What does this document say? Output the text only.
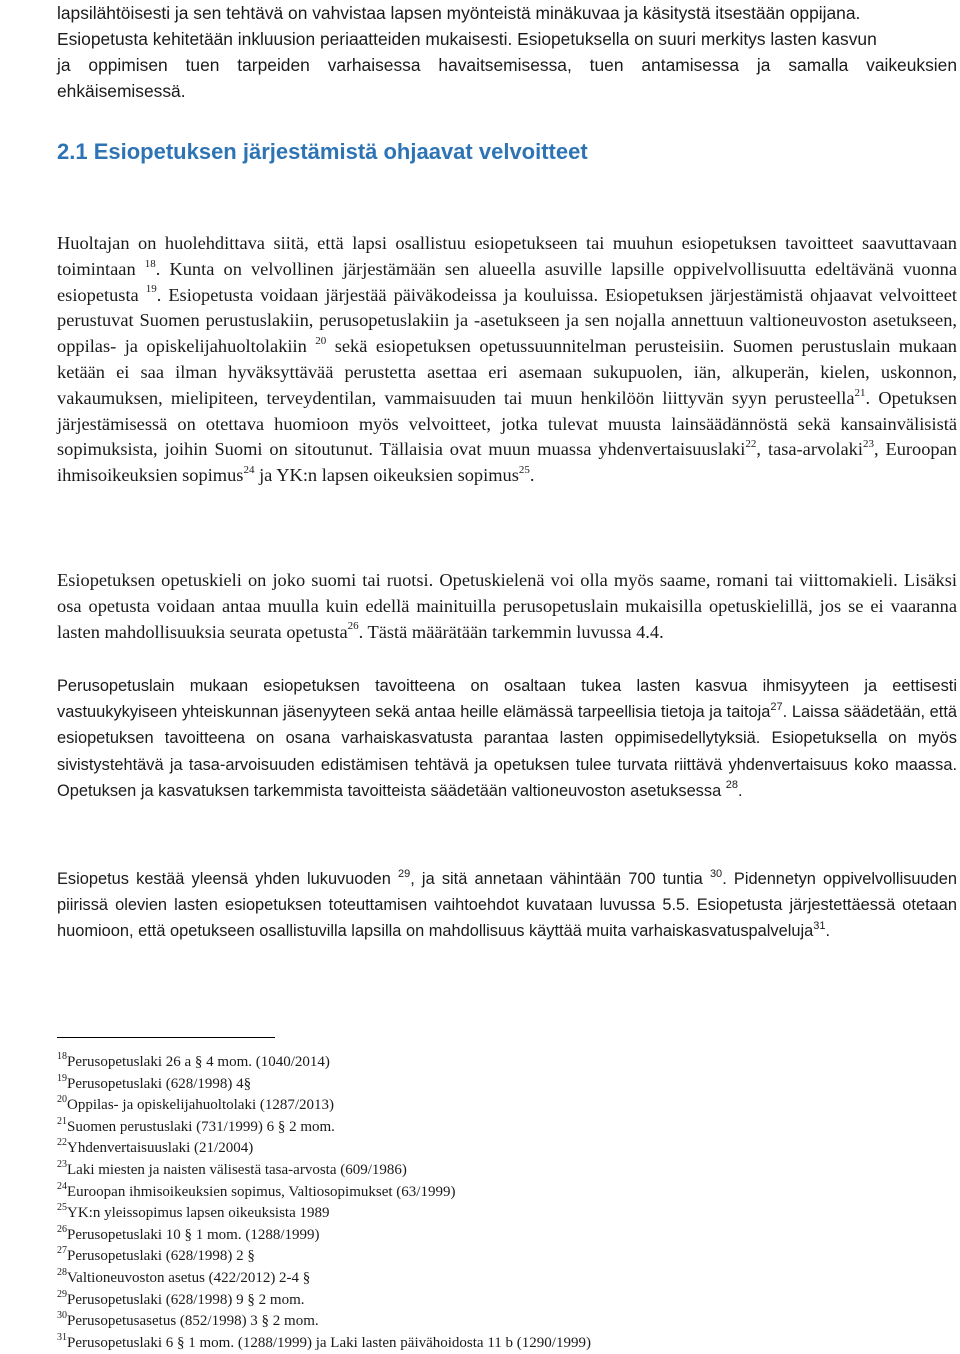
lapsilähtöisesti ja sen tehtävä on vahvistaa lapsen myönteistä minäkuvaa ja käsitystä itsestään oppijana.
Esiopetusta kehitetään inkluusion periaatteiden mukaisesti. Esiopetuksella on suuri merkitys lasten kasvun
ja oppimisen tuen tarpeiden varhaisessa havaitsemisessa, tuen antamisessa ja samalla vaikeuksien
ehkäisemisessä.
2.1 Esiopetuksen järjestämistä ohjaavat velvoitteet

Huoltajan on huolehdittava siitä, että lapsi osallistuu esiopetukseen tai muuhun esiopetuksen tavoitteet saavuttavaan toimintaan $^{18}$. Kunta on velvollinen järjestämään sen alueella asuville lapsille oppivelvollisuutta edeltävänä vuonna esiopetusta $^{19}$. Esiopetusta voidaan järjestää päiväkodeissa ja kouluissa. Esiopetuksen järjestämistä ohjaavat velvoitteet perustuvat Suomen perustuslakiin, perusopetuslakiin ja -asetukseen ja sen nojalla annettuun valtioneuvoston asetukseen, oppilas- ja opiskelijahuoltolakiin $^{20}$ sekä esiopetuksen opetussuunnitelman perusteisiin. Suomen perustuslain mukaan ketään ei saa ilman hyväksyttävää perustetta asettaa eri asemaan sukupuolen, iän, alkuperän, kielen, uskonnon, vakaumuksen, mielipiteen, terveydentilan, vammaisuuden tai muun henkilöön liittyvän syyn perusteella$^{21}$. Opetuksen järjestämisessä on otettava huomioon myös velvoitteet, jotka tulevat muusta lainsäädännöstä sekä kansainvälisistä sopimuksista, joihin Suomi on sitoutunut. Tällaisia ovat muun muassa yhdenvertaisuuslaki$^{22}$, tasa-arvolaki$^{23}$, Euroopan ihmisoikeuksien sopimus$^{24}$ ja YK:n lapsen oikeuksien sopimus$^{25}$.

Esiopetuksen opetuskieli on joko suomi tai ruotsi. Opetuskielenä voi olla myös saame, romani tai viittomakieli. Lisäksi osa opetusta voidaan antaa muulla kuin edellä mainituilla perusopetuslain mukaisilla opetuskielillä, jos se ei vaaranna lasten mahdollisuuksia seurata opetusta$^{26}$. Tästä määrätään tarkemmin luvussa 4.4.

Perusopetuslain mukaan esiopetuksen tavoitteena on osaltaan tukea lasten kasvua ihmisyyteen ja eettisesti vastuukykyiseen yhteiskunnan jäsenyyteen sekä antaa heille elämässä tarpeellisia tietoja ja taitoja$^{27}$. Laissa säädetään, että esiopetuksen tavoitteena on osana varhaiskasvatusta parantaa lasten oppimisedellytyksiä. Esiopetuksella on myös sivistystehtävä ja tasa-arvoisuuden edistämisen tehtävä ja opetuksen tulee turvata riittävä yhdenvertaisuus koko maassa. Opetuksen ja kasvatuksen tarkemmista tavoitteista säädetään valtioneuvoston asetuksessa $^{28}$.

Esiopetus kestää yleensä yhden lukuvuoden $^{29}$, ja sitä annetaan vähintään 700 tuntia $^{30}$. Pidennetyn oppivelvollisuuden piirissä olevien lasten esiopetuksen toteuttamisen vaihtoehdot kuvataan luvussa 5.5. Esiopetusta järjestettäessä otetaan huomioon, että opetukseen osallistuvilla lapsilla on mahdollisuus käyttää muita varhaiskasvatuspalveluja$^{31}$.

$^{18}$Perusopetuslaki 26 a § 4 mom. (1040/2014)
$^{19}$Perusopetuslaki (628/1998) 4§
$^{20}$Oppilas- ja opiskelijahuoltolaki (1287/2013)
$^{21}$Suomen perustuslaki (731/1999) 6 § 2 mom.
$^{22}$Yhdenvertaisuuslaki (21/2004)
$^{23}$Laki miesten ja naisten välisestä tasa-arvosta (609/1986)
$^{24}$Euroopan ihmisoikeuksien sopimus, Valtiosopimukset (63/1999)
$^{25}$YK:n yleissopimus lapsen oikeuksista 1989
$^{26}$Perusopetuslaki 10 § 1 mom. (1288/1999)
$^{27}$Perusopetuslaki (628/1998) 2 §
$^{28}$Valtioneuvoston asetus (422/2012) 2-4 §
$^{29}$Perusopetuslaki (628/1998) 9 § 2 mom.
$^{30}$Perusopetusasetus (852/1998) 3 § 2 mom.
$^{31}$Perusopetuslaki 6 § 1 mom. (1288/1999) ja Laki lasten päivähoidosta 11 b (1290/1999)
